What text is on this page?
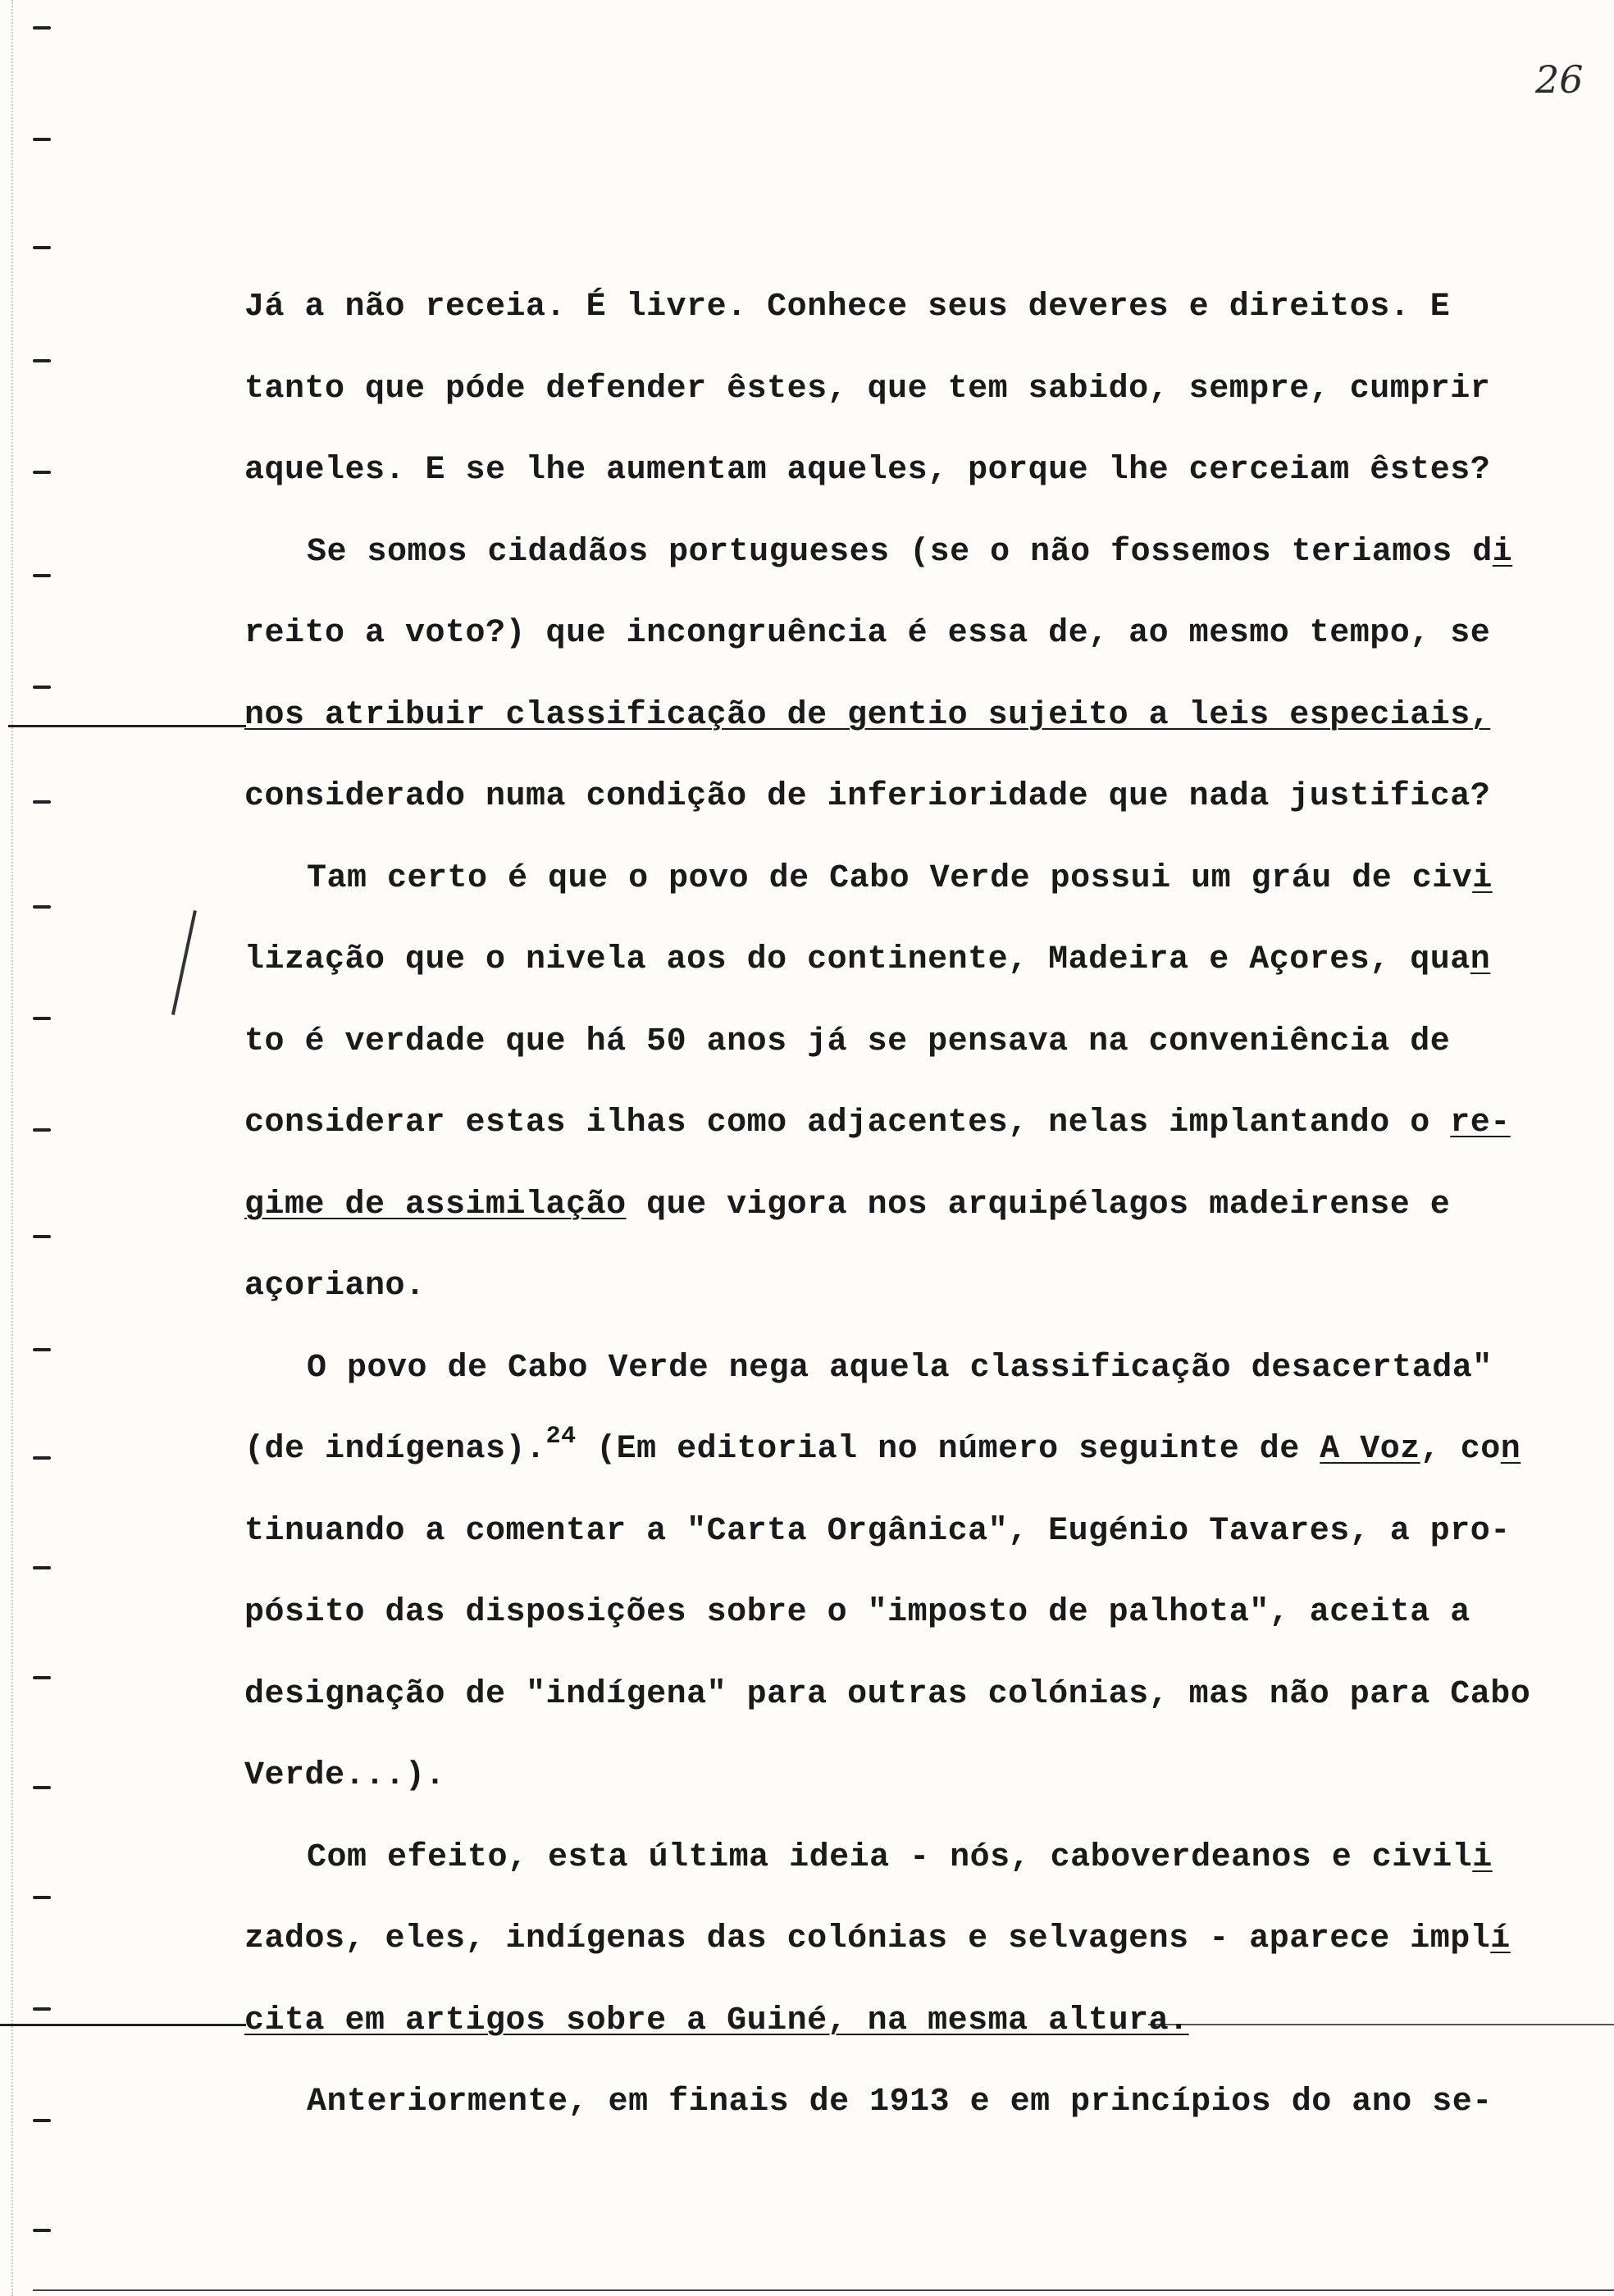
26
Já a não receia. É livre. Conhece seus deveres e direitos. E
tanto que póde defender êstes, que tem sabido, sempre, cumprir
aqueles. E se lhe aumentam aqueles, porque lhe cerceiam êstes?
Se somos cidadãos portugueses (se o não fossemos teriamos di
reito a voto?) que incongruência é essa de, ao mesmo tempo, se
nos atribuir classificação de gentio sujeito a leis especiais,
considerado numa condição de inferioridade que nada justifica?
Tam certo é que o povo de Cabo Verde possui um gráu de civi
lização que o nivela aos do continente, Madeira e Açores, quan
to é verdade que há 50 anos já se pensava na conveniência de
considerar estas ilhas como adjacentes, nelas implantando o re-
gime de assimilação que vigora nos arquipélagos madeirense e
açoriano.
O povo de Cabo Verde nega aquela classificação desacertada"
(de indígenas).$^{24}$ (Em editorial no número seguinte de A Voz, con
tinuando a comentar a "Carta Orgânica", Eugénio Tavares, a pro-
pósito das disposições sobre o "imposto de palhota", aceita a
designação de "indígena" para outras colónias, mas não para Cabo
Verde...).
Com efeito, esta última ideia - nós, caboverdeanos e civili
zados, eles, indígenas das colónias e selvagens - aparece implí
cita em artigos sobre a Guiné, na mesma altura.
Anteriormente, em finais de 1913 e em princípios do ano se-
